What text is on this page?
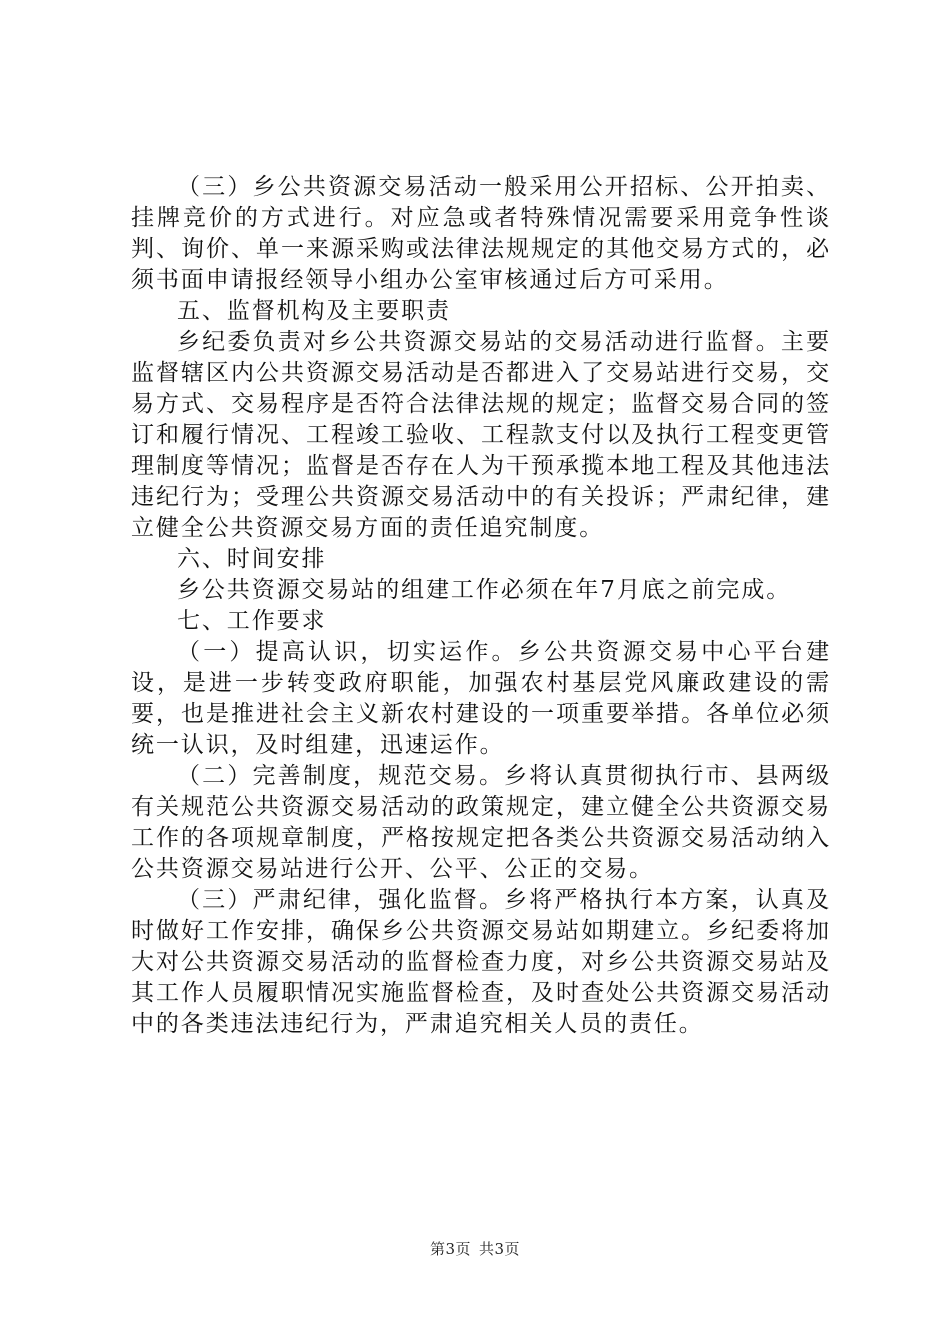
（三）乡公共资源交易活动一般采用公开招标、公开拍卖、挂牌竞价的方式进行。对应急或者特殊情况需要采用竞争性谈判、询价、单一来源采购或法律法规规定的其他交易方式的，必须书面申请报经领导小组办公室审核通过后方可采用。

五、监督机构及主要职责

乡纪委负责对乡公共资源交易站的交易活动进行监督。主要监督辖区内公共资源交易活动是否都进入了交易站进行交易，交易方式、交易程序是否符合法律法规的规定；监督交易合同的签订和履行情况、工程竣工验收、工程款支付以及执行工程变更管理制度等情况；监督是否存在人为干预承揽本地工程及其他违法违纪行为；受理公共资源交易活动中的有关投诉；严肃纪律，建立健全公共资源交易方面的责任追究制度。

六、时间安排

乡公共资源交易站的组建工作必须在年7月底之前完成。

七、工作要求

（一）提高认识，切实运作。乡公共资源交易中心平台建设，是进一步转变政府职能，加强农村基层党风廉政建设的需要，也是推进社会主义新农村建设的一项重要举措。各单位必须统一认识，及时组建，迅速运作。

（二）完善制度，规范交易。乡将认真贯彻执行市、县两级有关规范公共资源交易活动的政策规定，建立健全公共资源交易工作的各项规章制度，严格按规定把各类公共资源交易活动纳入公共资源交易站进行公开、公平、公正的交易。

（三）严肃纪律，强化监督。乡将严格执行本方案，认真及时做好工作安排，确保乡公共资源交易站如期建立。乡纪委将加大对公共资源交易活动的监督检查力度，对乡公共资源交易站及其工作人员履职情况实施监督检查，及时查处公共资源交易活动中的各类违法违纪行为，严肃追究相关人员的责任。

第3页 共3页
